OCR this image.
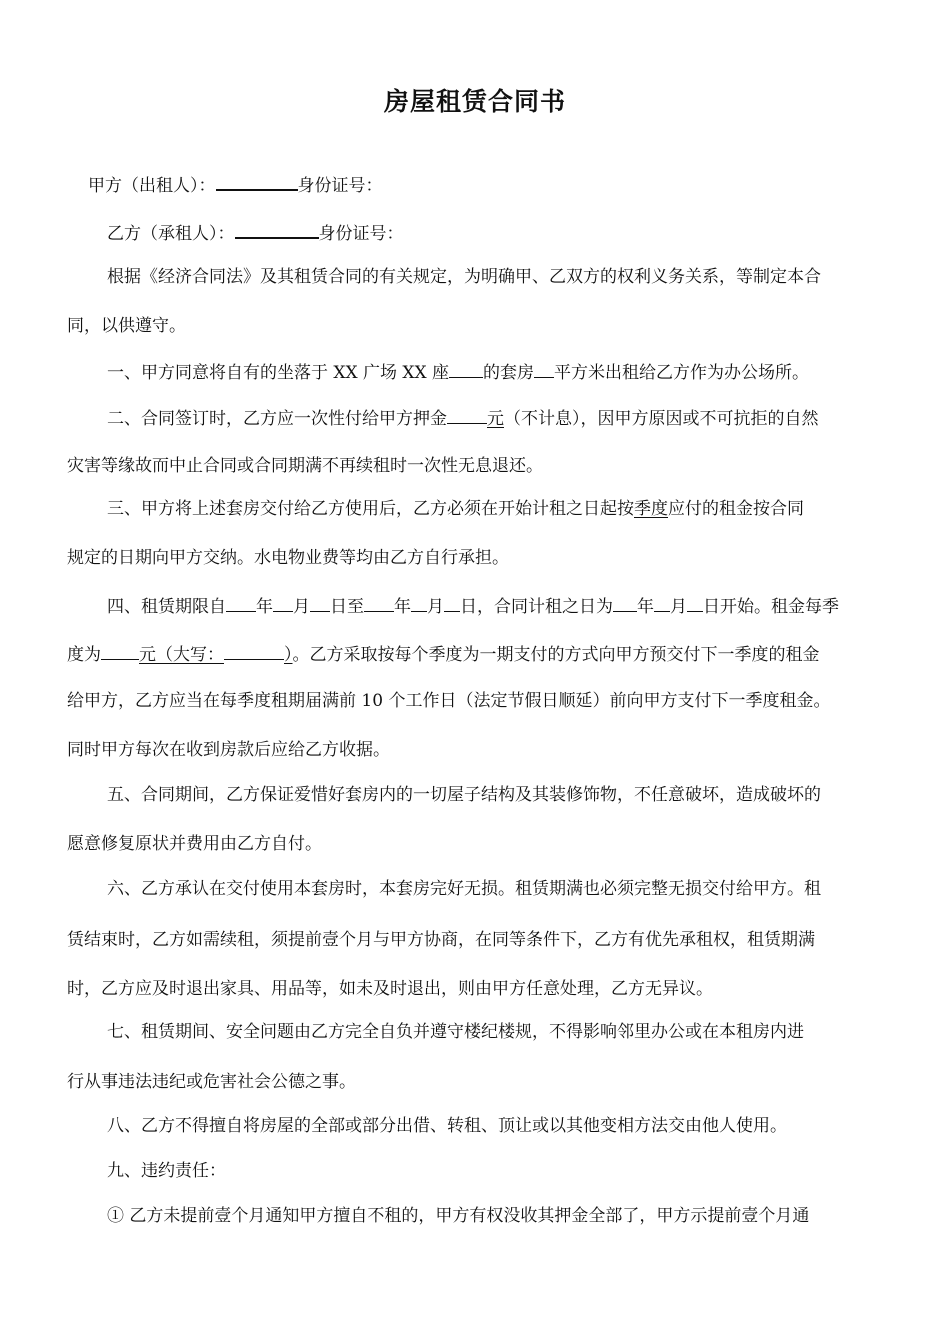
房屋租赁合同书
甲方（出租人）：	身份证号：
乙方（承租人）：	身份证号：
根据《经济合同法》及其租赁合同的有关规定，为明确甲、乙双方的权利义务关系，等制定本合
同，以供遵守。
一、甲方同意将自有的坐落于 XX 广场 XX 座 的套房 平方米出租给乙方作为办公场所。
二、合同签订时，乙方应一次性付给甲方押金 元（不计息），因甲方原因或不可抗拒的自然
灾害等缘故而中止合同或合同期满不再续租时一次性无息退还。
三、甲方将上述套房交付给乙方使用后，乙方必须在开始计租之日起按季度应付的租金按合同
规定的日期向甲方交纳。水电物业费等均由乙方自行承担。
四、租赁期限自 年 月 日至 年 月 日，合同计租之日为 年 月 日开始。租金每季
度为 元（大写：	）。乙方采取按每个季度为一期支付的方式向甲方预交付下一季度的租金
给甲方，乙方应当在每季度租期届满前 10 个工作日（法定节假日顺延）前向甲方支付下一季度租金。
同时甲方每次在收到房款后应给乙方收据。
五、合同期间，乙方保证爱惜好套房内的一切屋子结构及其装修饰物，不任意破坏，造成破坏的
愿意修复原状并费用由乙方自付。
六、乙方承认在交付使用本套房时，本套房完好无损。租赁期满也必须完整无损交付给甲方。租
赁结束时，乙方如需续租，须提前壹个月与甲方协商，在同等条件下，乙方有优先承租权，租赁期满
时，乙方应及时退出家具、用品等，如未及时退出，则由甲方任意处理，乙方无异议。
七、租赁期间、安全问题由乙方完全自负并遵守楼纪楼规，不得影响邻里办公或在本租房内进
行从事违法违纪或危害社会公德之事。
八、乙方不得擅自将房屋的全部或部分出借、转租、顶让或以其他变相方法交由他人使用。
九、违约责任：
① 乙方未提前壹个月通知甲方擅自不租的，甲方有权没收其押金全部了，甲方示提前壹个月通
